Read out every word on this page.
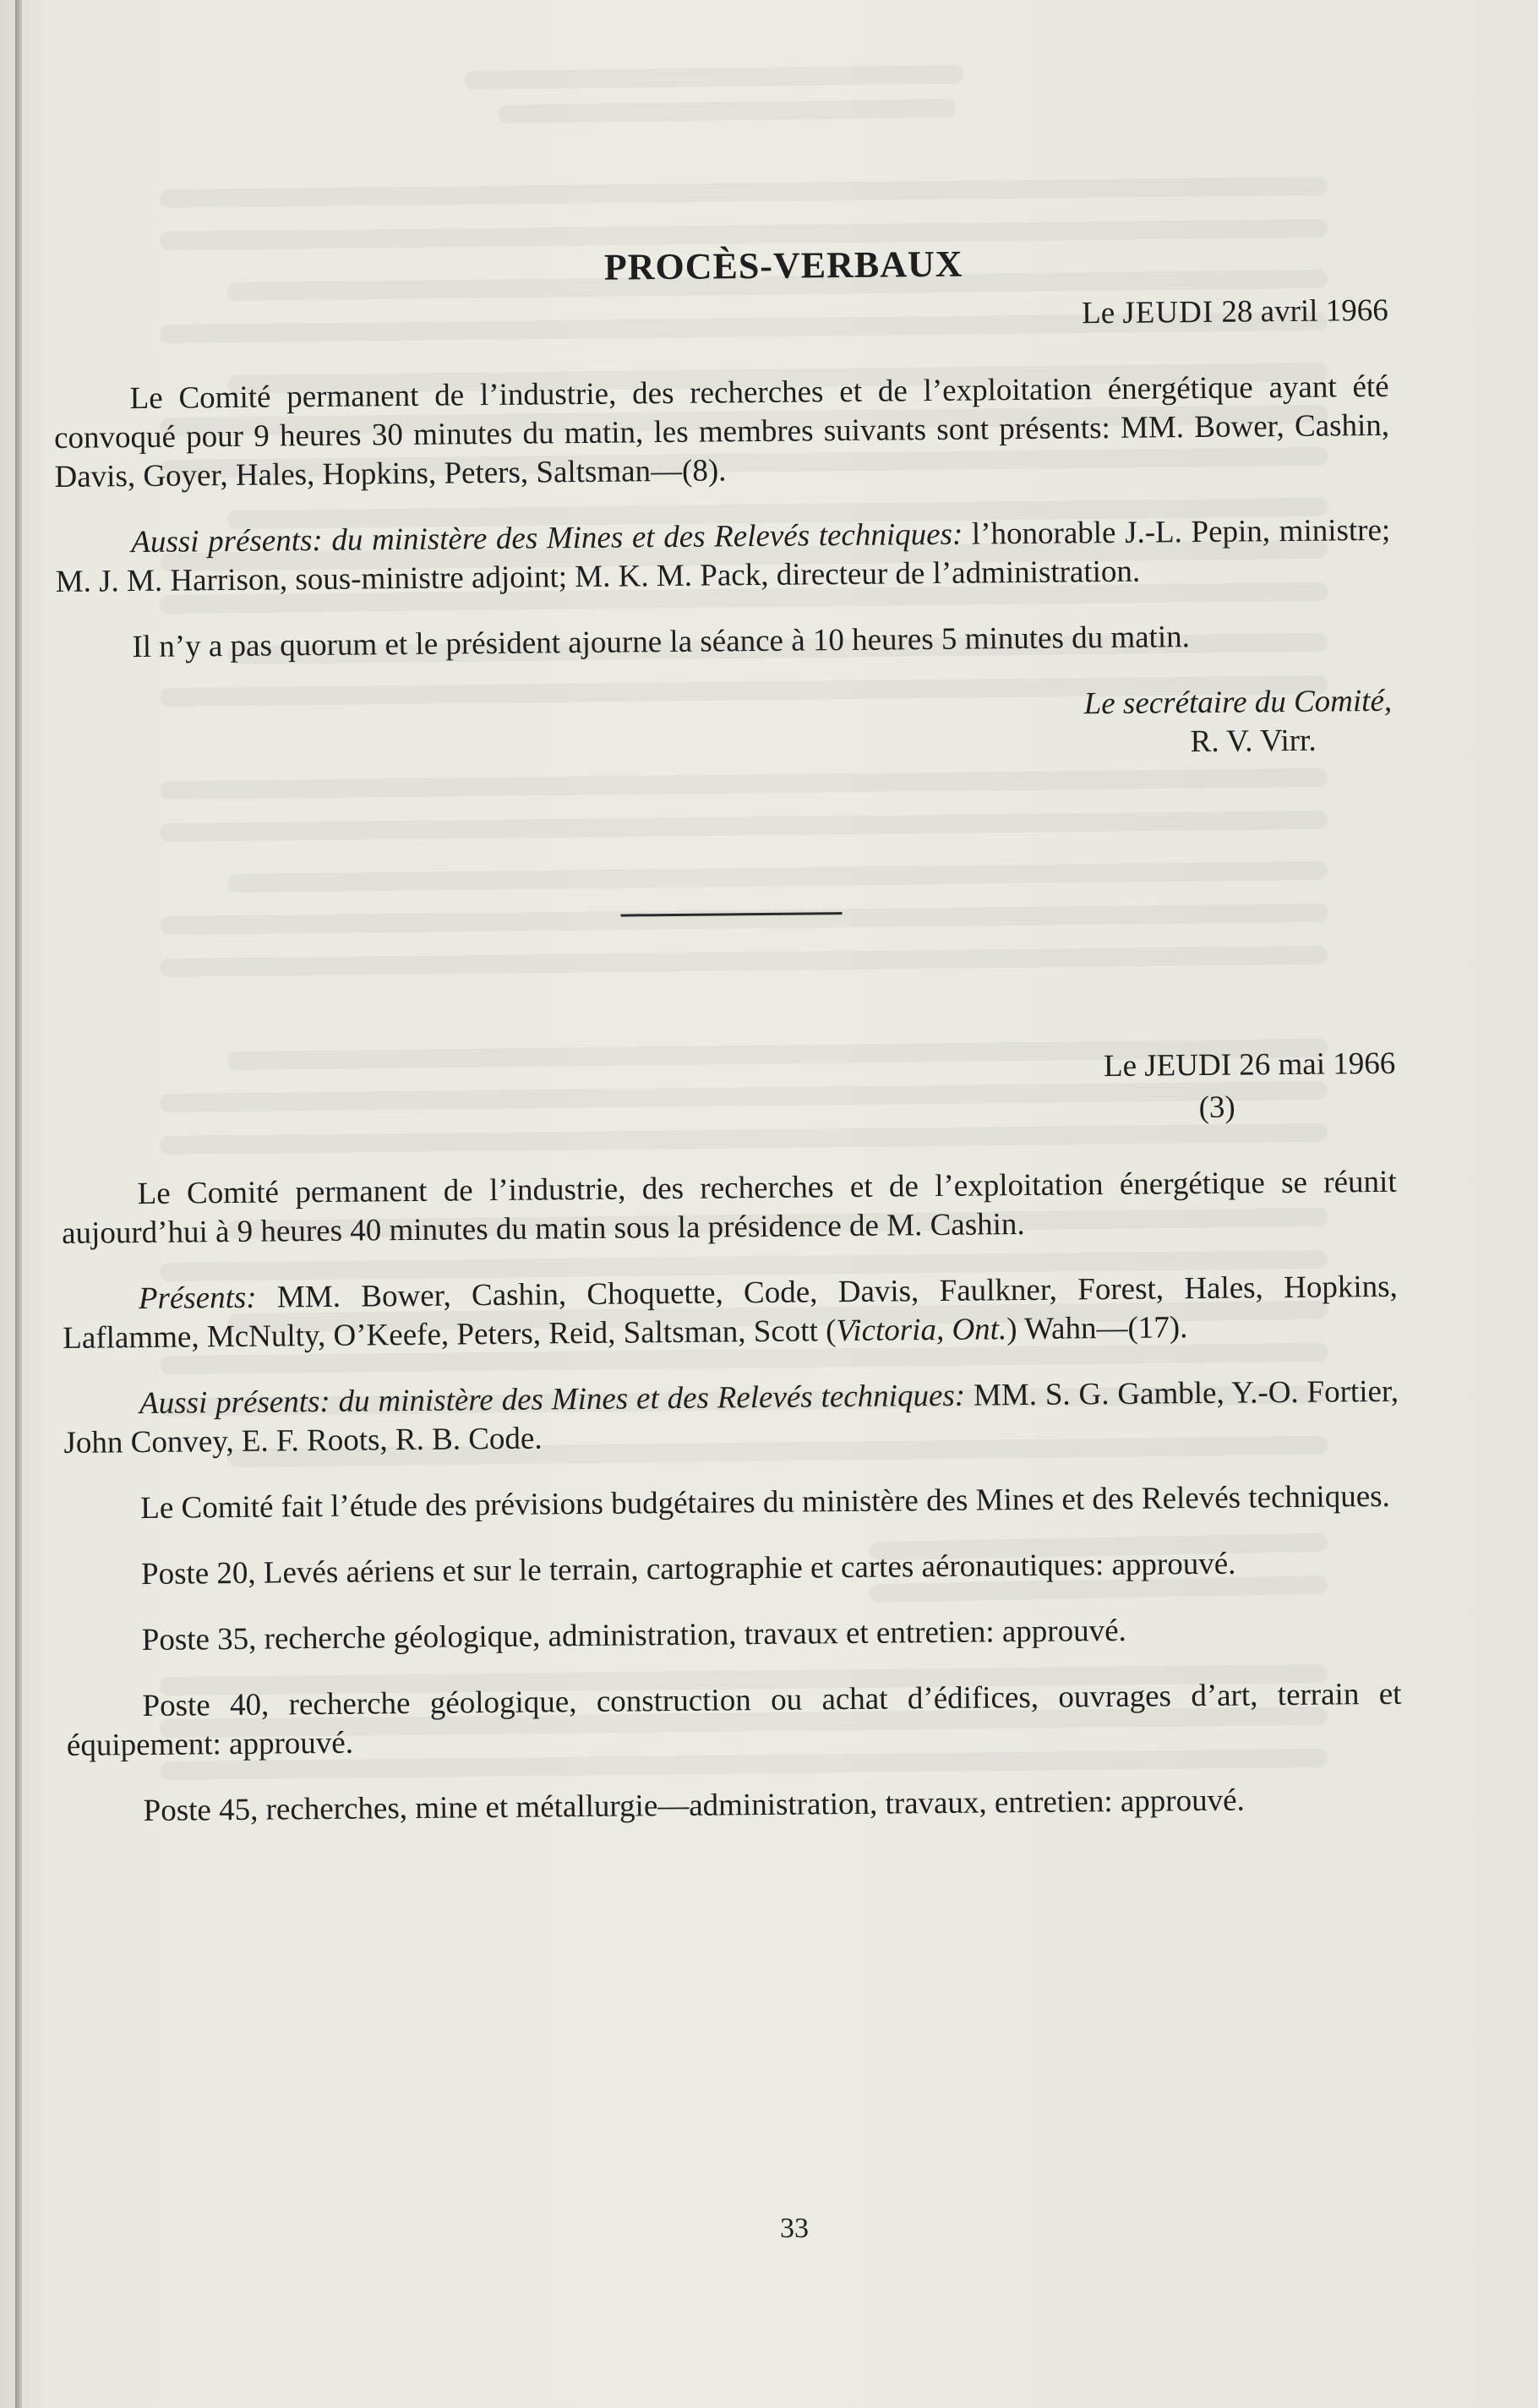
PROCÈS-VERBAUX
Le JEUDI 28 avril 1966

Le Comité permanent de l’industrie, des recherches et de l’exploitation énergétique ayant été convoqué pour 9 heures 30 minutes du matin, les membres suivants sont présents: MM. Bower, Cashin, Davis, Goyer, Hales, Hopkins, Peters, Saltsman—(8).

Aussi présents: du ministère des Mines et des Relevés techniques: l’honorable J.-L. Pepin, ministre; M. J. M. Harrison, sous-ministre adjoint; M. K. M. Pack, directeur de l’administration.

Il n’y a pas quorum et le président ajourne la séance à 10 heures 5 minutes du matin.

Le secrétaire du Comité,
R. V. Virr.
Le JEUDI 26 mai 1966
(3)

Le Comité permanent de l’industrie, des recherches et de l’exploitation énergétique se réunit aujourd’hui à 9 heures 40 minutes du matin sous la présidence de M. Cashin.

Présents: MM. Bower, Cashin, Choquette, Code, Davis, Faulkner, Forest, Hales, Hopkins, Laflamme, McNulty, O’Keefe, Peters, Reid, Saltsman, Scott (Victoria, Ont.) Wahn—(17).

Aussi présents: du ministère des Mines et des Relevés techniques: MM. S. G. Gamble, Y.-O. Fortier, John Convey, E. F. Roots, R. B. Code.

Le Comité fait l’étude des prévisions budgétaires du ministère des Mines et des Relevés techniques.

Poste 20, Levés aériens et sur le terrain, cartographie et cartes aéronautiques: approuvé.

Poste 35, recherche géologique, administration, travaux et entretien: approuvé.

Poste 40, recherche géologique, construction ou achat d’édifices, ouvrages d’art, terrain et équipement: approuvé.

Poste 45, recherches, mine et métallurgie—administration, travaux, entretien: approuvé.

33
